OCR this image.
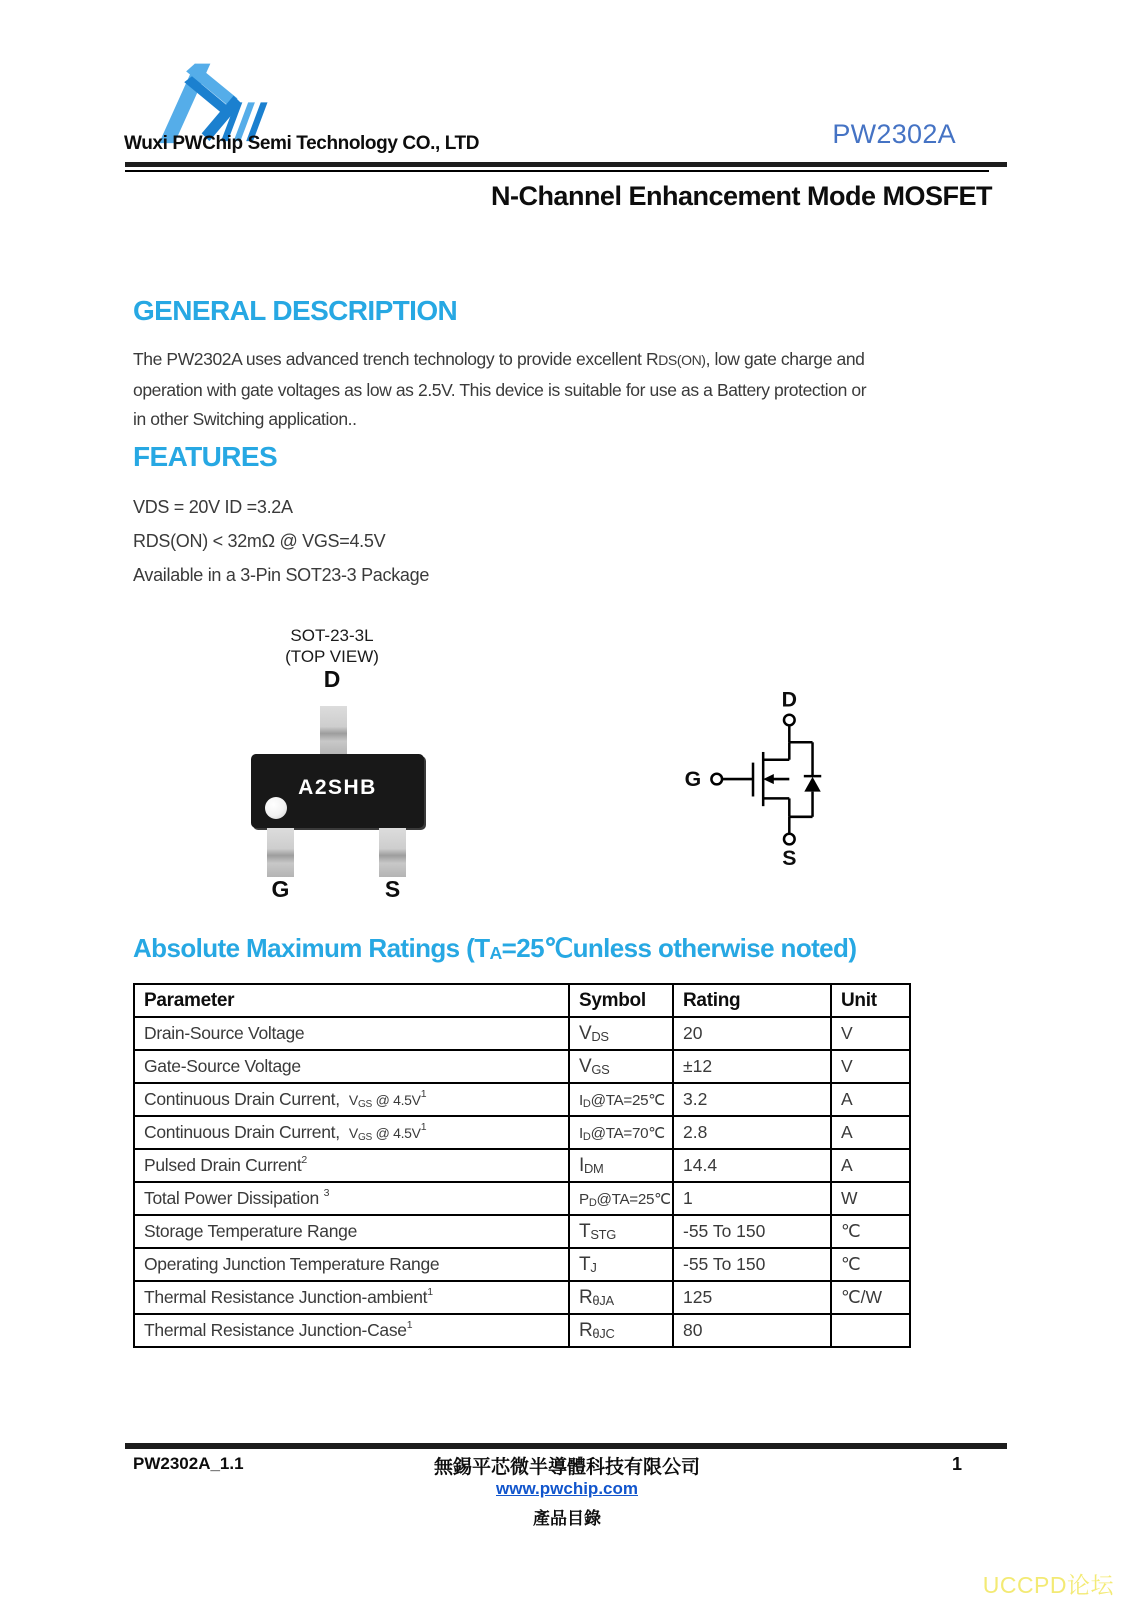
Wuxi PWChip Semi Technology CO., LTD	PW2302A
N-Channel Enhancement Mode MOSFET
GENERAL DESCRIPTION
The PW2302A uses advanced trench technology to provide excellent RDS(ON), low gate charge and
operation with gate voltages as low as 2.5V. This device is suitable for use as a Battery protection or
in other Switching application..
FEATURES
VDS = 20V ID =3.2A
RDS(ON) < 32mΩ @ VGS=4.5V
Available in a 3-Pin SOT23-3 Package
SOT-23-3L
(TOP VIEW)
D
A2SHB
G	S
D
G
S
Absolute Maximum Ratings (TA=25℃unless otherwise noted)
Parameter	Symbol	Rating	Unit
Drain-Source Voltage	VDS	20	V
Gate-Source Voltage	VGS	±12	V
Continuous Drain Current,  VGS @ $4.5V^1$	ID@TA=25℃	3.2	A
Continuous Drain Current,  VGS @ $4.5V^1$	ID@TA=70℃	2.8	A
Pulsed Drain Current$^2$	IDM	14.4	A
Total Power Dissipation $^3$	PD@TA=25℃	1	W
Storage Temperature Range	TSTG	-55 To 150	℃
Operating Junction Temperature Range	TJ	-55 To 150	℃
Thermal Resistance Junction-ambient$^1$	RθJA	125	℃/W
Thermal Resistance Junction-Case$^1$	RθJC	80	
PW2302A_1.1	無錫平芯微半導體科技有限公司	1
www.pwchip.com
產品目錄
UCCPD论坛
